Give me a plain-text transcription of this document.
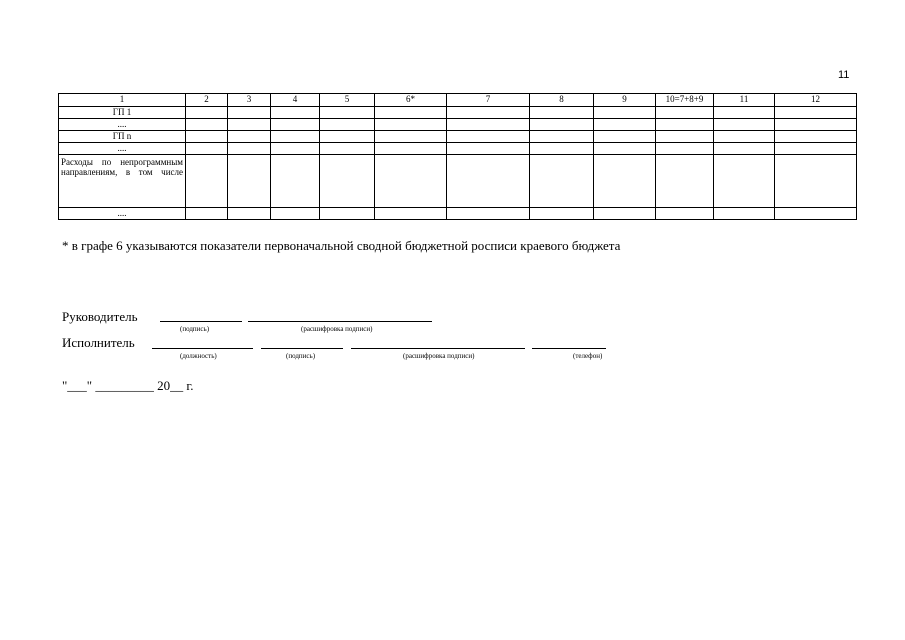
11
1	2	3	4	5	6*	7	8	9	10=7+8+9	11	12
ГП 1											
....											
ГП n											
....											
Расходы по непрограммным направлениям, в том числе											
....											
* в графе 6 указываются показатели первоначальной сводной бюджетной росписи краевого бюджета
Руководитель
(подпись)	(расшифровка подписи)
Исполнитель
(должность)	(подпись)	(расшифровка подписи)	(телефон)
"___" _________ 20__ г.
